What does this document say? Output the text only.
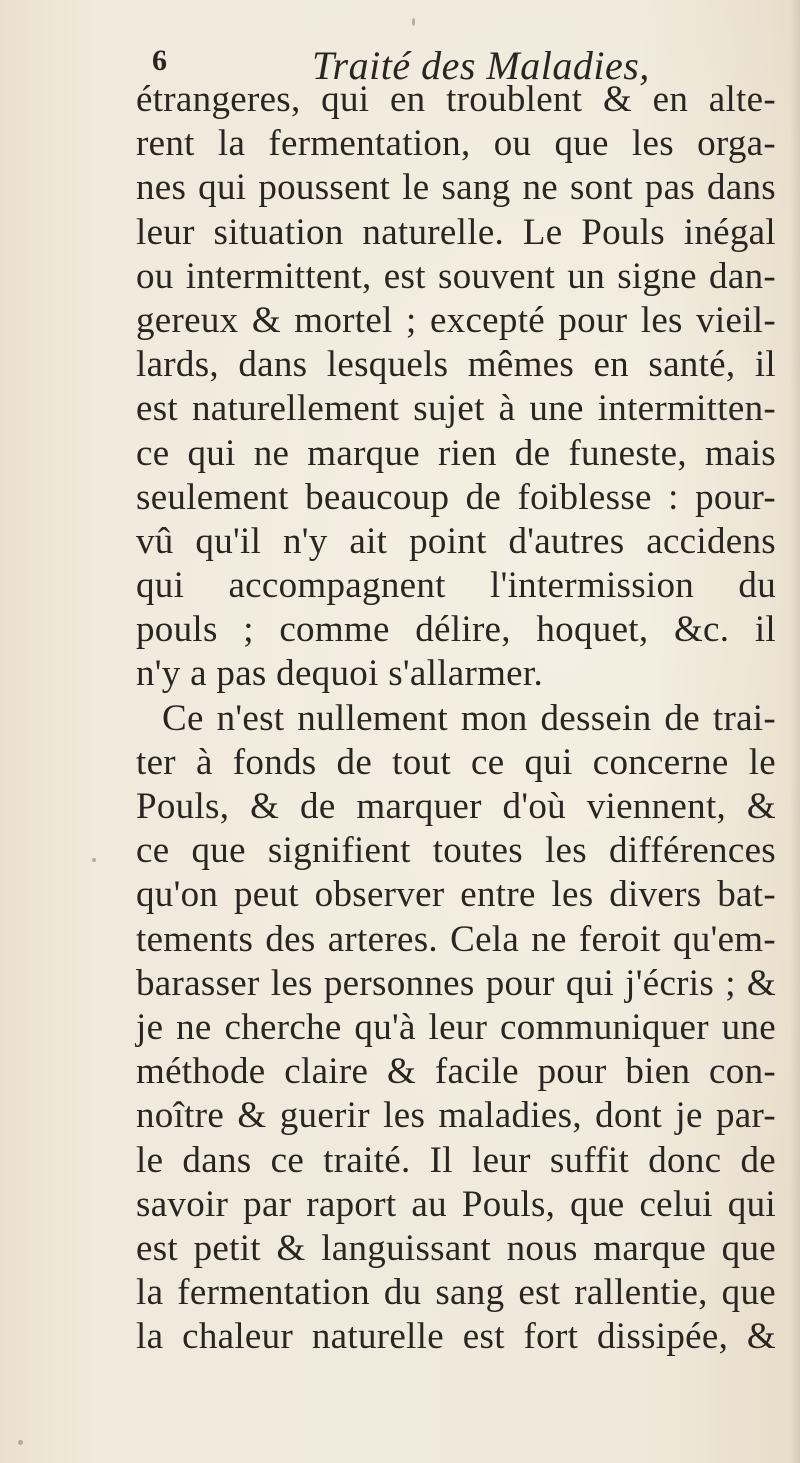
6	Traité des Maladies,
étrangeres, qui en troublent & en alte-
rent la fermentation, ou que les orga-
nes qui poussent le sang ne sont pas dans
leur situation naturelle. Le Pouls inégal
ou intermittent, est souvent un signe dan-
gereux & mortel ; excepté pour les vieil-
lards, dans lesquels mêmes en santé, il
est naturellement sujet à une intermitten-
ce qui ne marque rien de funeste, mais
seulement beaucoup de foiblesse : pour-
vû qu'il n'y ait point d'autres accidens
qui accompagnent l'intermission du
pouls ; comme délire, hoquet, &c. il
n'y a pas dequoi s'allarmer.
Ce n'est nullement mon dessein de trai-
ter à fonds de tout ce qui concerne le
Pouls, & de marquer d'où viennent, &
ce que signifient toutes les différences
qu'on peut observer entre les divers bat-
tements des arteres. Cela ne feroit qu'em-
barasser les personnes pour qui j'écris ; &
je ne cherche qu'à leur communiquer une
méthode claire & facile pour bien con-
noître & guerir les maladies, dont je par-
le dans ce traité. Il leur suffit donc de
savoir par raport au Pouls, que celui qui
est petit & languissant nous marque que
la fermentation du sang est rallentie, que
la chaleur naturelle est fort dissipée, &
